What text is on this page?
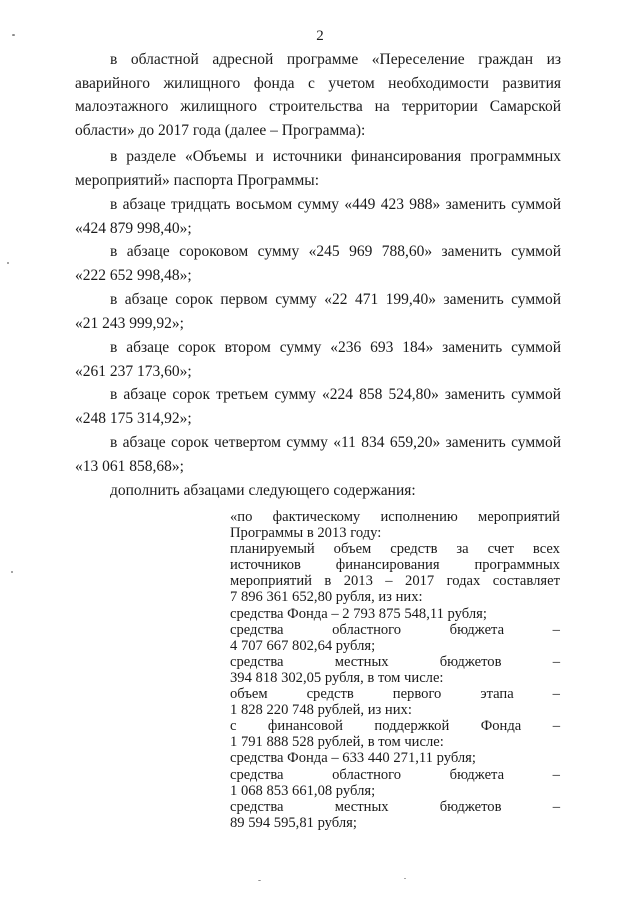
2
в областной адресной программе «Переселение граждан из
аварийного жилищного фонда с учетом необходимости развития
малоэтажного жилищного строительства на территории Самарской
области» до 2017 года (далее – Программа):
в разделе «Объемы и источники финансирования программных
мероприятий» паспорта Программы:
в абзаце тридцать восьмом сумму «449 423 988» заменить суммой
«424 879 998,40»;
в абзаце сороковом сумму «245 969 788,60» заменить суммой
«222 652 998,48»;
в абзаце сорок первом сумму «22 471 199,40» заменить суммой
«21 243 999,92»;
в абзаце сорок втором сумму «236 693 184» заменить суммой
«261 237 173,60»;
в абзаце сорок третьем сумму «224 858 524,80» заменить суммой
«248 175 314,92»;
в абзаце сорок четвертом сумму «11 834 659,20» заменить суммой
«13 061 858,68»;
дополнить абзацами следующего содержания:
«по фактическому исполнению мероприятий
Программы в 2013 году:
планируемый объем средств за счет всех
источников финансирования программных
мероприятий в 2013 – 2017 годах составляет
7 896 361 652,80 рубля, из них:
средства Фонда – 2 793 875 548,11 рубля;
средства	областного	бюджета	–
4 707 667 802,64 рубля;
средства	местных	бюджетов	–
394 818 302,05 рубля, в том числе:
объем	средств	первого	этапа	–
1 828 220 748 рублей, из них:
с финансовой поддержкой Фонда –
1 791 888 528 рублей, в том числе:
средства Фонда – 633 440 271,11 рубля;
средства	областного	бюджета	–
1 068 853 661,08 рубля;
средства	местных	бюджетов	–
89 594 595,81 рубля;
